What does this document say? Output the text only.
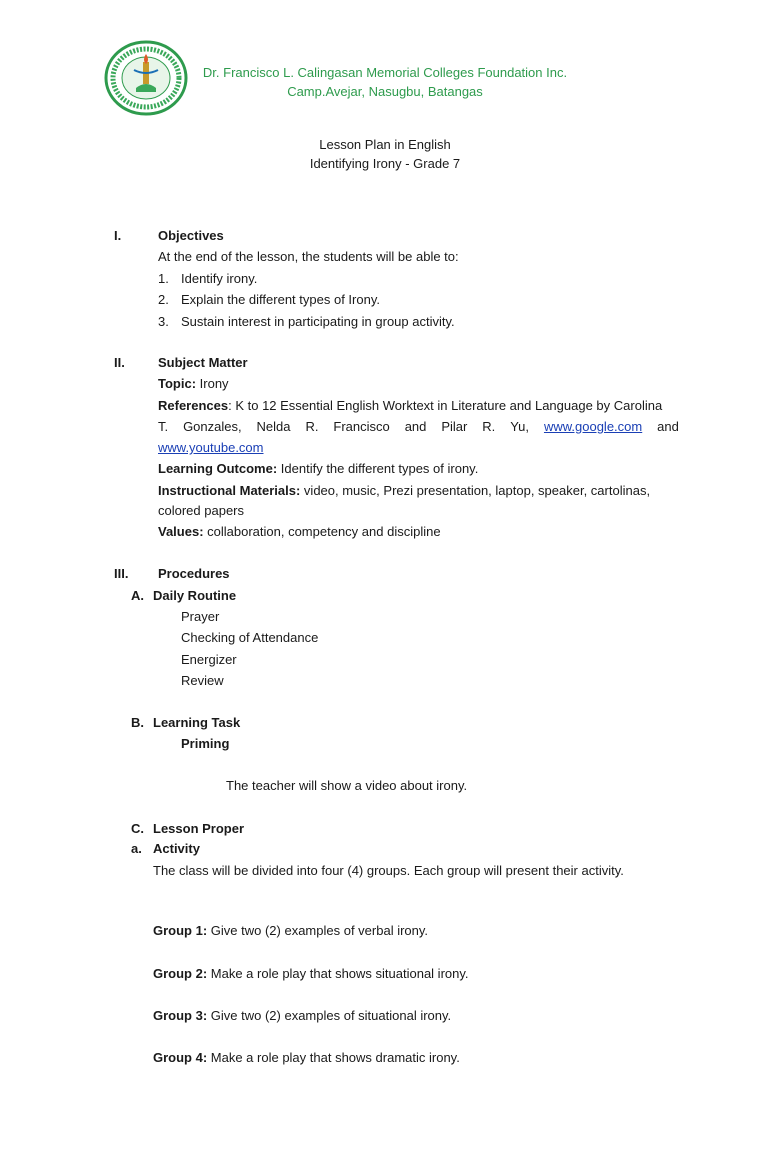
Dr. Francisco L. Calingasan Memorial Colleges Foundation Inc.
Camp.Avejar, Nasugbu, Batangas
Lesson Plan in English
Identifying Irony - Grade 7
I.	Objectives
At the end of the lesson, the students will be able to:
1. Identify irony.
2. Explain the different types of Irony.
3. Sustain interest in participating in group activity.
II.	Subject Matter
Topic: Irony
References: K to 12 Essential English Worktext in Literature and Language by Carolina
T. Gonzales, Nelda R. Francisco and Pilar R. Yu, www.google.com and
www.youtube.com
Learning Outcome: Identify the different types of irony.
Instructional Materials: video, music, Prezi presentation, laptop, speaker, cartolinas,
colored papers
Values: collaboration, competency and discipline
III. Procedures
A. Daily Routine
Prayer
Checking of Attendance
Energizer
Review
B. Learning Task
Priming
The teacher will show a video about irony.
C. Lesson Proper
a. Activity
The class will be divided into four (4) groups. Each group will present their activity.
Group 1: Give two (2) examples of verbal irony.
Group 2: Make a role play that shows situational irony.
Group 3: Give two (2) examples of situational irony.
Group 4: Make a role play that shows dramatic irony.
